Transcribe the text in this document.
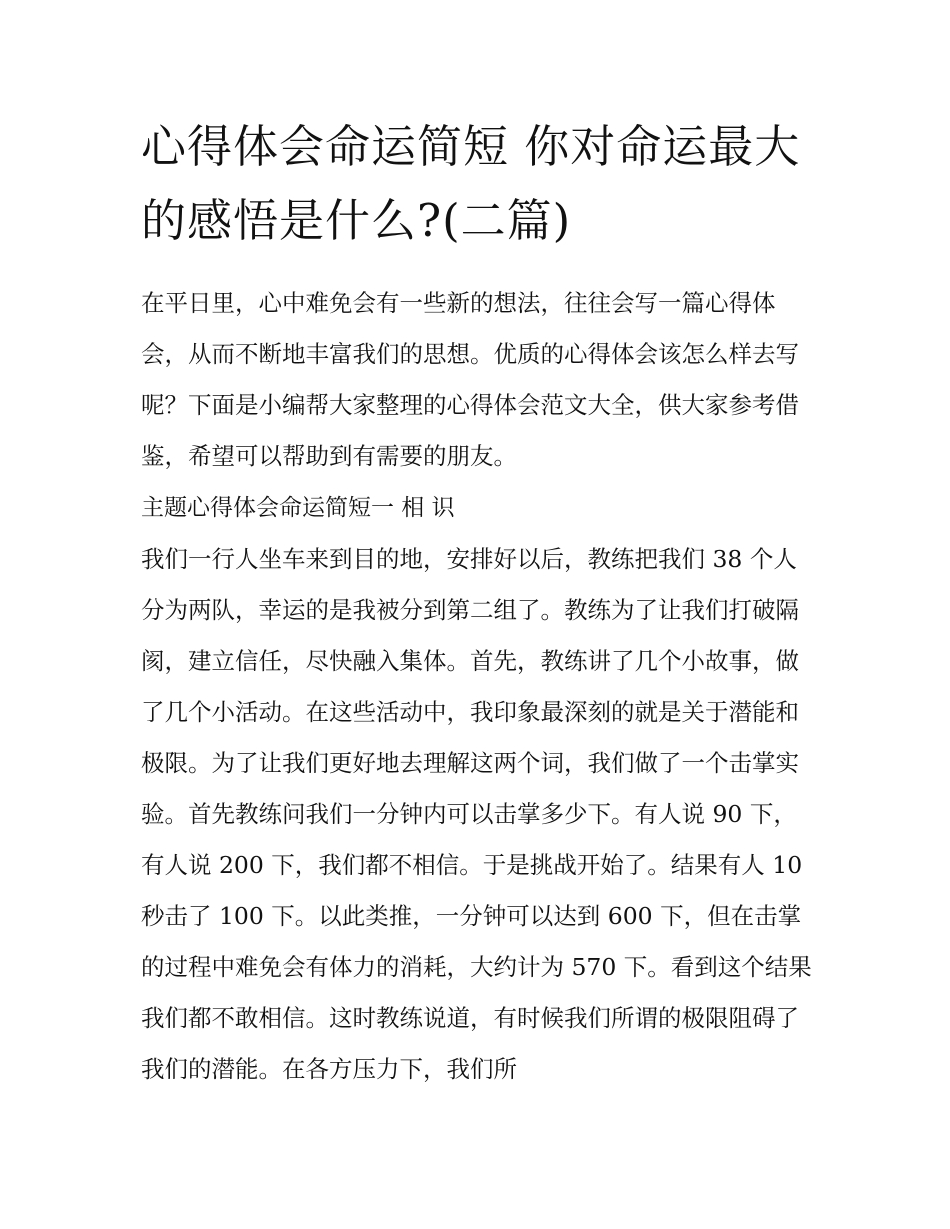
心得体会命运简短 你对命运最大的感悟是什么?(二篇)

在平日里，心中难免会有一些新的想法，往往会写一篇心得体会，从而不断地丰富我们的思想。优质的心得体会该怎么样去写呢？下面是小编帮大家整理的心得体会范文大全，供大家参考借鉴，希望可以帮助到有需要的朋友。

主题心得体会命运简短一 相 识

我们一行人坐车来到目的地，安排好以后，教练把我们 38 个人分为两队，幸运的是我被分到第二组了。教练为了让我们打破隔阂，建立信任，尽快融入集体。首先，教练讲了几个小故事，做了几个小活动。在这些活动中，我印象最深刻的就是关于潜能和极限。为了让我们更好地去理解这两个词，我们做了一个击掌实验。首先教练问我们一分钟内可以击掌多少下。有人说 90 下，有人说 200 下，我们都不相信。于是挑战开始了。结果有人 10 秒击了 100 下。以此类推，一分钟可以达到 600 下，但在击掌的过程中难免会有体力的消耗，大约计为 570 下。看到这个结果我们都不敢相信。这时教练说道，有时候我们所谓的极限阻碍了我们的潜能。在各方压力下，我们所
